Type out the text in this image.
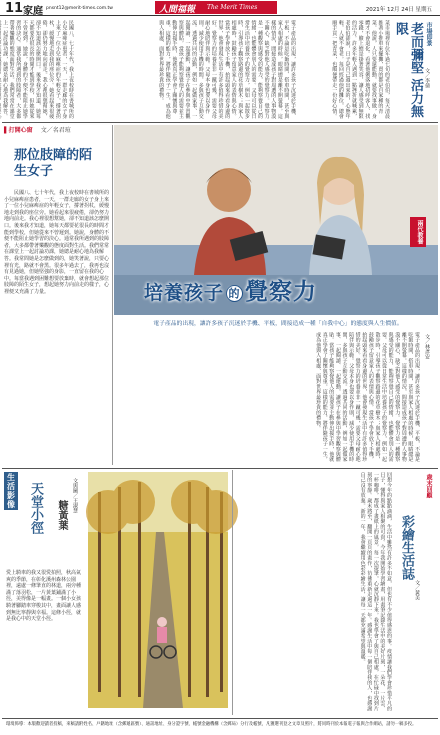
11 家庭 pnsnt12@merit-times.com.tw	人間福報 The Merit Times	2021年 12月 24日 星期五
民國八、七十年代，我上夜校時在書城所的小兒麻痺症患者，一天，一群走廊的女子身上來了一位小兒麻痺症的年輕女子，撐著拐杖，緩慢地走到我的座位旁。她看起來很疲倦，卻仍努力地向前走。我心裡很想幫她，卻不知道該怎麼開口。後來我才知道，她每天都要花很長的時間才能到學校，但她從來不曾遲到。她說，身體的不便不能阻止她學習的決心。通常我所遇到的肢障者，大多都帶著樂觀的態度面對生活。我們常常在課堂上一起討論功課，她總是耐心地為我解答。	電子產品的出現，讓許多孩子沉迷於手機、平板，不論是吃飯時間、搭車時間，甚至與家人相處的時候，眼睛總是離不開螢幕。這樣的情況，間接造成孩子對周遭的人事物漠不關心，缺乏對他人感受的覺察力。覺察力是一種觀察與感受的能力，能夠察覺自己的情緒，也能體會別人的需要。父母可以從日常生活中培養孩子的覺察力，例如一起散步時，引導孩子觀察路邊的花草樹木；與家人相處時，鼓勵孩子留意家人的表情與心情。當孩子學會放下手機，抬起頭來看看身邊的世界，他會發現生活中有許多值得珍惜的美好。覺察力的培養並非一蹴可幾，需要父母耐心地陪伴與示範。父母本身也要以身作則，減少使用手機的時間，多與孩子互動交流。透過共同的活動，例如一起做家事、一起閱讀、一起運動，讓孩子在參與中學習觀察與體貼。當孩子能夠察覺他人的需要並主動伸出援手時，他就真正學會了關懷與尊重。這樣的能力，將伴隨孩子一生，成為他與人相處、面對世界最珍貴的禮物。	菜市場裡有位年過七旬的老伯伯，每天清晨推著小推車來擺攤，賣的都是自家種的青菜。他說，人只要還能動，就要找事做，身體才不會退化。看著他俐落地招呼客人、找零錢，臉上總是掛著笑容，讓人感受到無限的活力。許多年輕人遇到一點挫折就喊累，老伯伯卻說，日子是自己過出來的，心態年輕，人就不會老。每回經過他的攤位，總會順手買一把青菜，也順便帶走一份好心情。	老而彌堅 活力無限	市場即景
文／李倩
▌打開心窗 文／名君瑄
那位肢障的陌生女子
民國八、七十年代，我上夜校時在書城所的小兒麻痺症患者，一天，一群走廊的女子身上來了一位小兒麻痺症的年輕女子，撐著拐杖，緩慢地走到我的座位旁。她看起來很疲倦，卻仍努力地向前走。我心裡很想幫她，卻不知道該怎麼開口。後來我才知道，她每天都要花很長的時間才能到學校，但她從來不曾遲到。她說，身體的不便不能阻止她學習的決心。通常我所遇到的肢障者，大多都帶著樂觀的態度面對生活。我們常常在課堂上一起討論功課，她總是耐心地為我解答。我常問她是怎麼做到的，她笑著說，只要心裡有光，路就不會黑。很多年過去了，我再也沒有見過她，但她堅強的身影，一直留在我的心中。每當我遇到困難想要放棄時，就會想起那位肢障的陌生女子，想起她努力向前走的樣子，心裡便又充滿了力量。	培養孩子 的 覺察力
兩代教養
電子產品的出現，讓許多孩子沉迷於手機、平板，間接造成一種「自我中心」的態度與人生價值。
電子產品的出現，讓許多孩子沉迷於手機、平板，不論是吃飯時間、搭車時間，甚至與家人相處的時候，眼睛總是離不開螢幕。這樣的情況，間接造成孩子對周遭的人事物漠不關心，缺乏對他人感受的覺察力。覺察力是一種觀察與感受的能力，能夠察覺自己的情緒，也能體會別人的需要。父母可以從日常生活中培養孩子的覺察力，例如一起散步時，引導孩子觀察路邊的花草樹木；與家人相處時，鼓勵孩子留意家人的表情與心情。當孩子學會放下手機，抬起頭來看看身邊的世界，他會發現生活中有許多值得珍惜的美好。覺察力的培養並非一蹴可幾，需要父母耐心地陪伴與示範。父母本身也要以身作則，減少使用手機的時間，多與孩子互動交流。透過共同的活動，例如一起做家事、一起閱讀、一起運動，讓孩子在參與中學習觀察與體貼。當孩子能夠察覺他人的需要並主動伸出援手時，他就真正學會了關懷與尊重。這樣的能力，將伴隨孩子一生，成為他與人相處、面對世界最珍貴的禮物。	文／林彥安
生活
影像 天堂小徑	文與圖／王淑慧
糖黃葉
愛上騎車的我又很愛拍照，秋高氣爽的季節，在彰化溪州森林公園裡，遠處一條筆直的林道，兩旁種滿了落羽松，一片黃葉鋪滿了小徑，美得像是一幅畫。一個小女孩騎著腳踏車穿梭其中，畫面讓人感到無比寧靜與幸福。這條小徑，就是我心中的天堂小徑。	回想今年的點點滴滴，生活中雖然有許多不如意，但也有不少值得感恩的事。疫情讓我們學會珍惜平凡的日子，懂得與家人相聚的可貴。今年我開始學習繪畫，用畫筆記錄生活中的美好片刻，一朵花、一片雲、一杯咖啡，都成了畫紙上的風景。每一次提筆，心就沉靜下來。我也學會了與自己相處，在忙碌中找到片刻的寧靜。歲末將至，翻開一頁頁的畫作，彷彿重新走過這一年。感謝生活中每一個陪伴我的人，也感謝自己沒有放棄。新的一年，我會繼續用色彩彩繪生活，讓每一天都充滿希望與溫暖。	彩繪生活誌
文／黃美
歲末回顧
環境佈導：本版歡迎讀者投稿，來稿請附姓名、戶籍地址（含郵遞區號）、通訊地址、身分證字號、帳號金融機構（含郵局）分行及帳號，凡獲選刊登之文章及照片，將同時刊於本報電子報與合作網站，請勿一稿多投。
